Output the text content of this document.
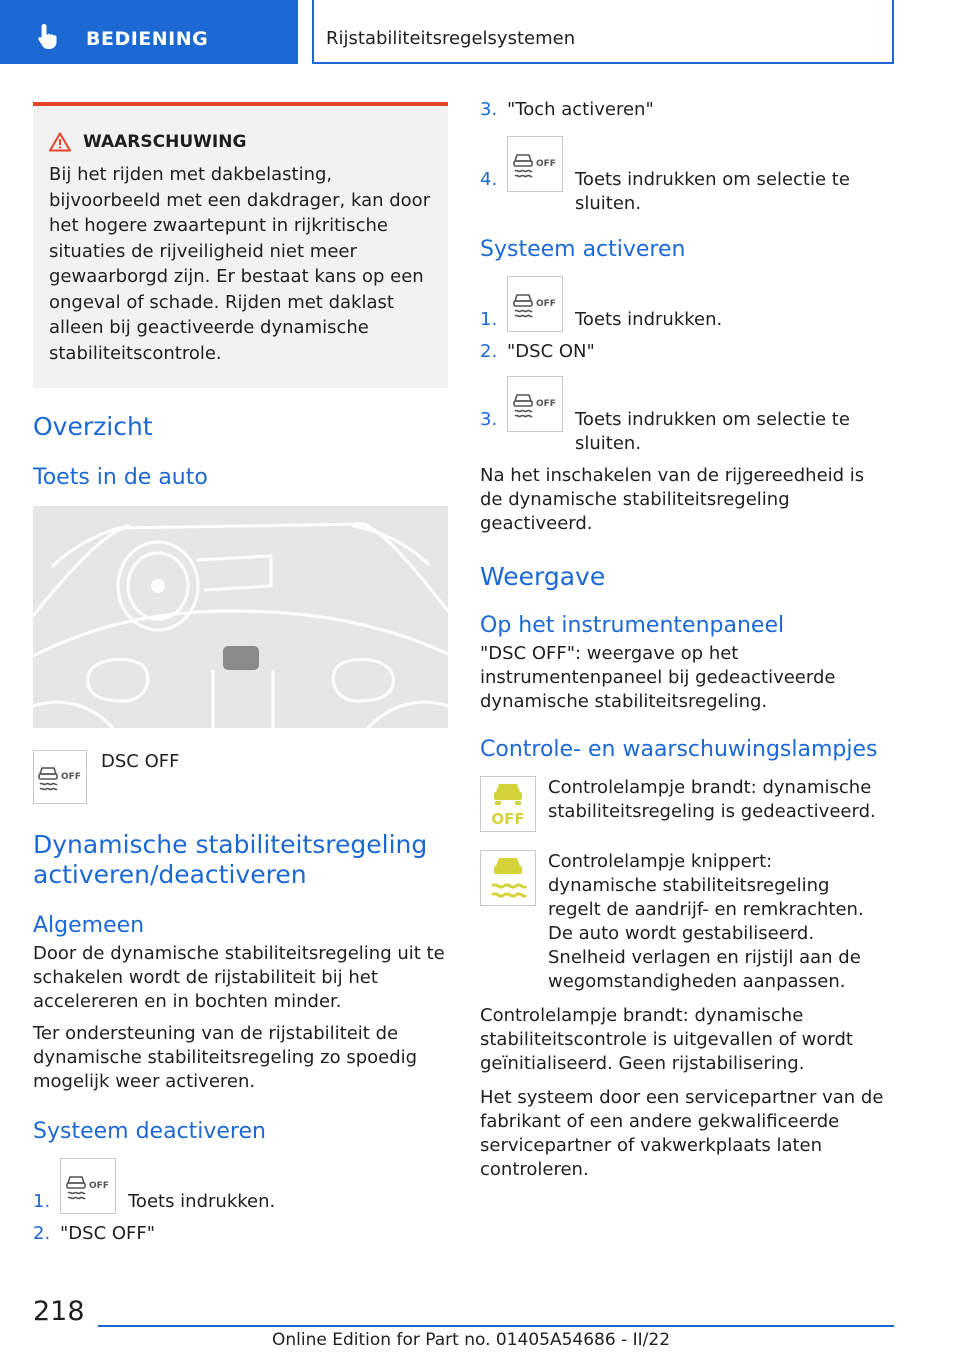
BEDIENING	Rijstabiliteitsregelsystemen
WAARSCHUWING

Bij het rijden met dakbelasting, bijvoorbeeld met een dakdrager, kan door het hogere zwaartepunt in rijkritische situaties de rijveiligheid niet meer gewaarborgd zijn. Er bestaat kans op een ongeval of schade. Rijden met daklast alleen bij geactiveerde dynamische stabiliteitscontrole.

Overzicht
Toets in de auto
OFF
DSC OFF
Dynamische stabiliteitsregeling activeren/deactiveren
Algemeen

Door de dynamische stabiliteitsregeling uit te schakelen wordt de rijstabiliteit bij het accelereren en in bochten minder.

Ter ondersteuning van de rijstabiliteit de dynamische stabiliteitsregeling zo spoedig mogelijk weer activeren.

Systeem deactiveren
1.
OFF
Toets indrukken.
2. "DSC OFF"
3. "Toch activeren"
4.
OFF
Toets indrukken om selectie te sluiten.
Systeem activeren
1.
OFF
Toets indrukken.
2. "DSC ON"
3.
OFF
Toets indrukken om selectie te sluiten.

Na het inschakelen van de rijgereedheid is de dynamische stabiliteitsregeling geactiveerd.

Weergave
Op het instrumentenpaneel

"DSC OFF": weergave op het instrumentenpaneel bij gedeactiveerde dynamische stabiliteitsregeling.

Controle- en waarschuwingslampjes
OFF

Controlelampje brandt: dynamische stabiliteitsregeling is gedeactiveerd.

Controlelampje knippert: dynamische stabiliteitsregeling regelt de aandrijf- en remkrachten. De auto wordt gestabiliseerd. Snelheid verlagen en rijstijl aan de wegomstandigheden aanpassen.

Controlelampje brandt: dynamische stabiliteitscontrole is uitgevallen of wordt geïnitialiseerd. Geen rijstabilisering.

Het systeem door een servicepartner van de fabrikant of een andere gekwalificeerde servicepartner of vakwerkplaats laten controleren.

218
Online Edition for Part no. 01405A54686 - II/22
